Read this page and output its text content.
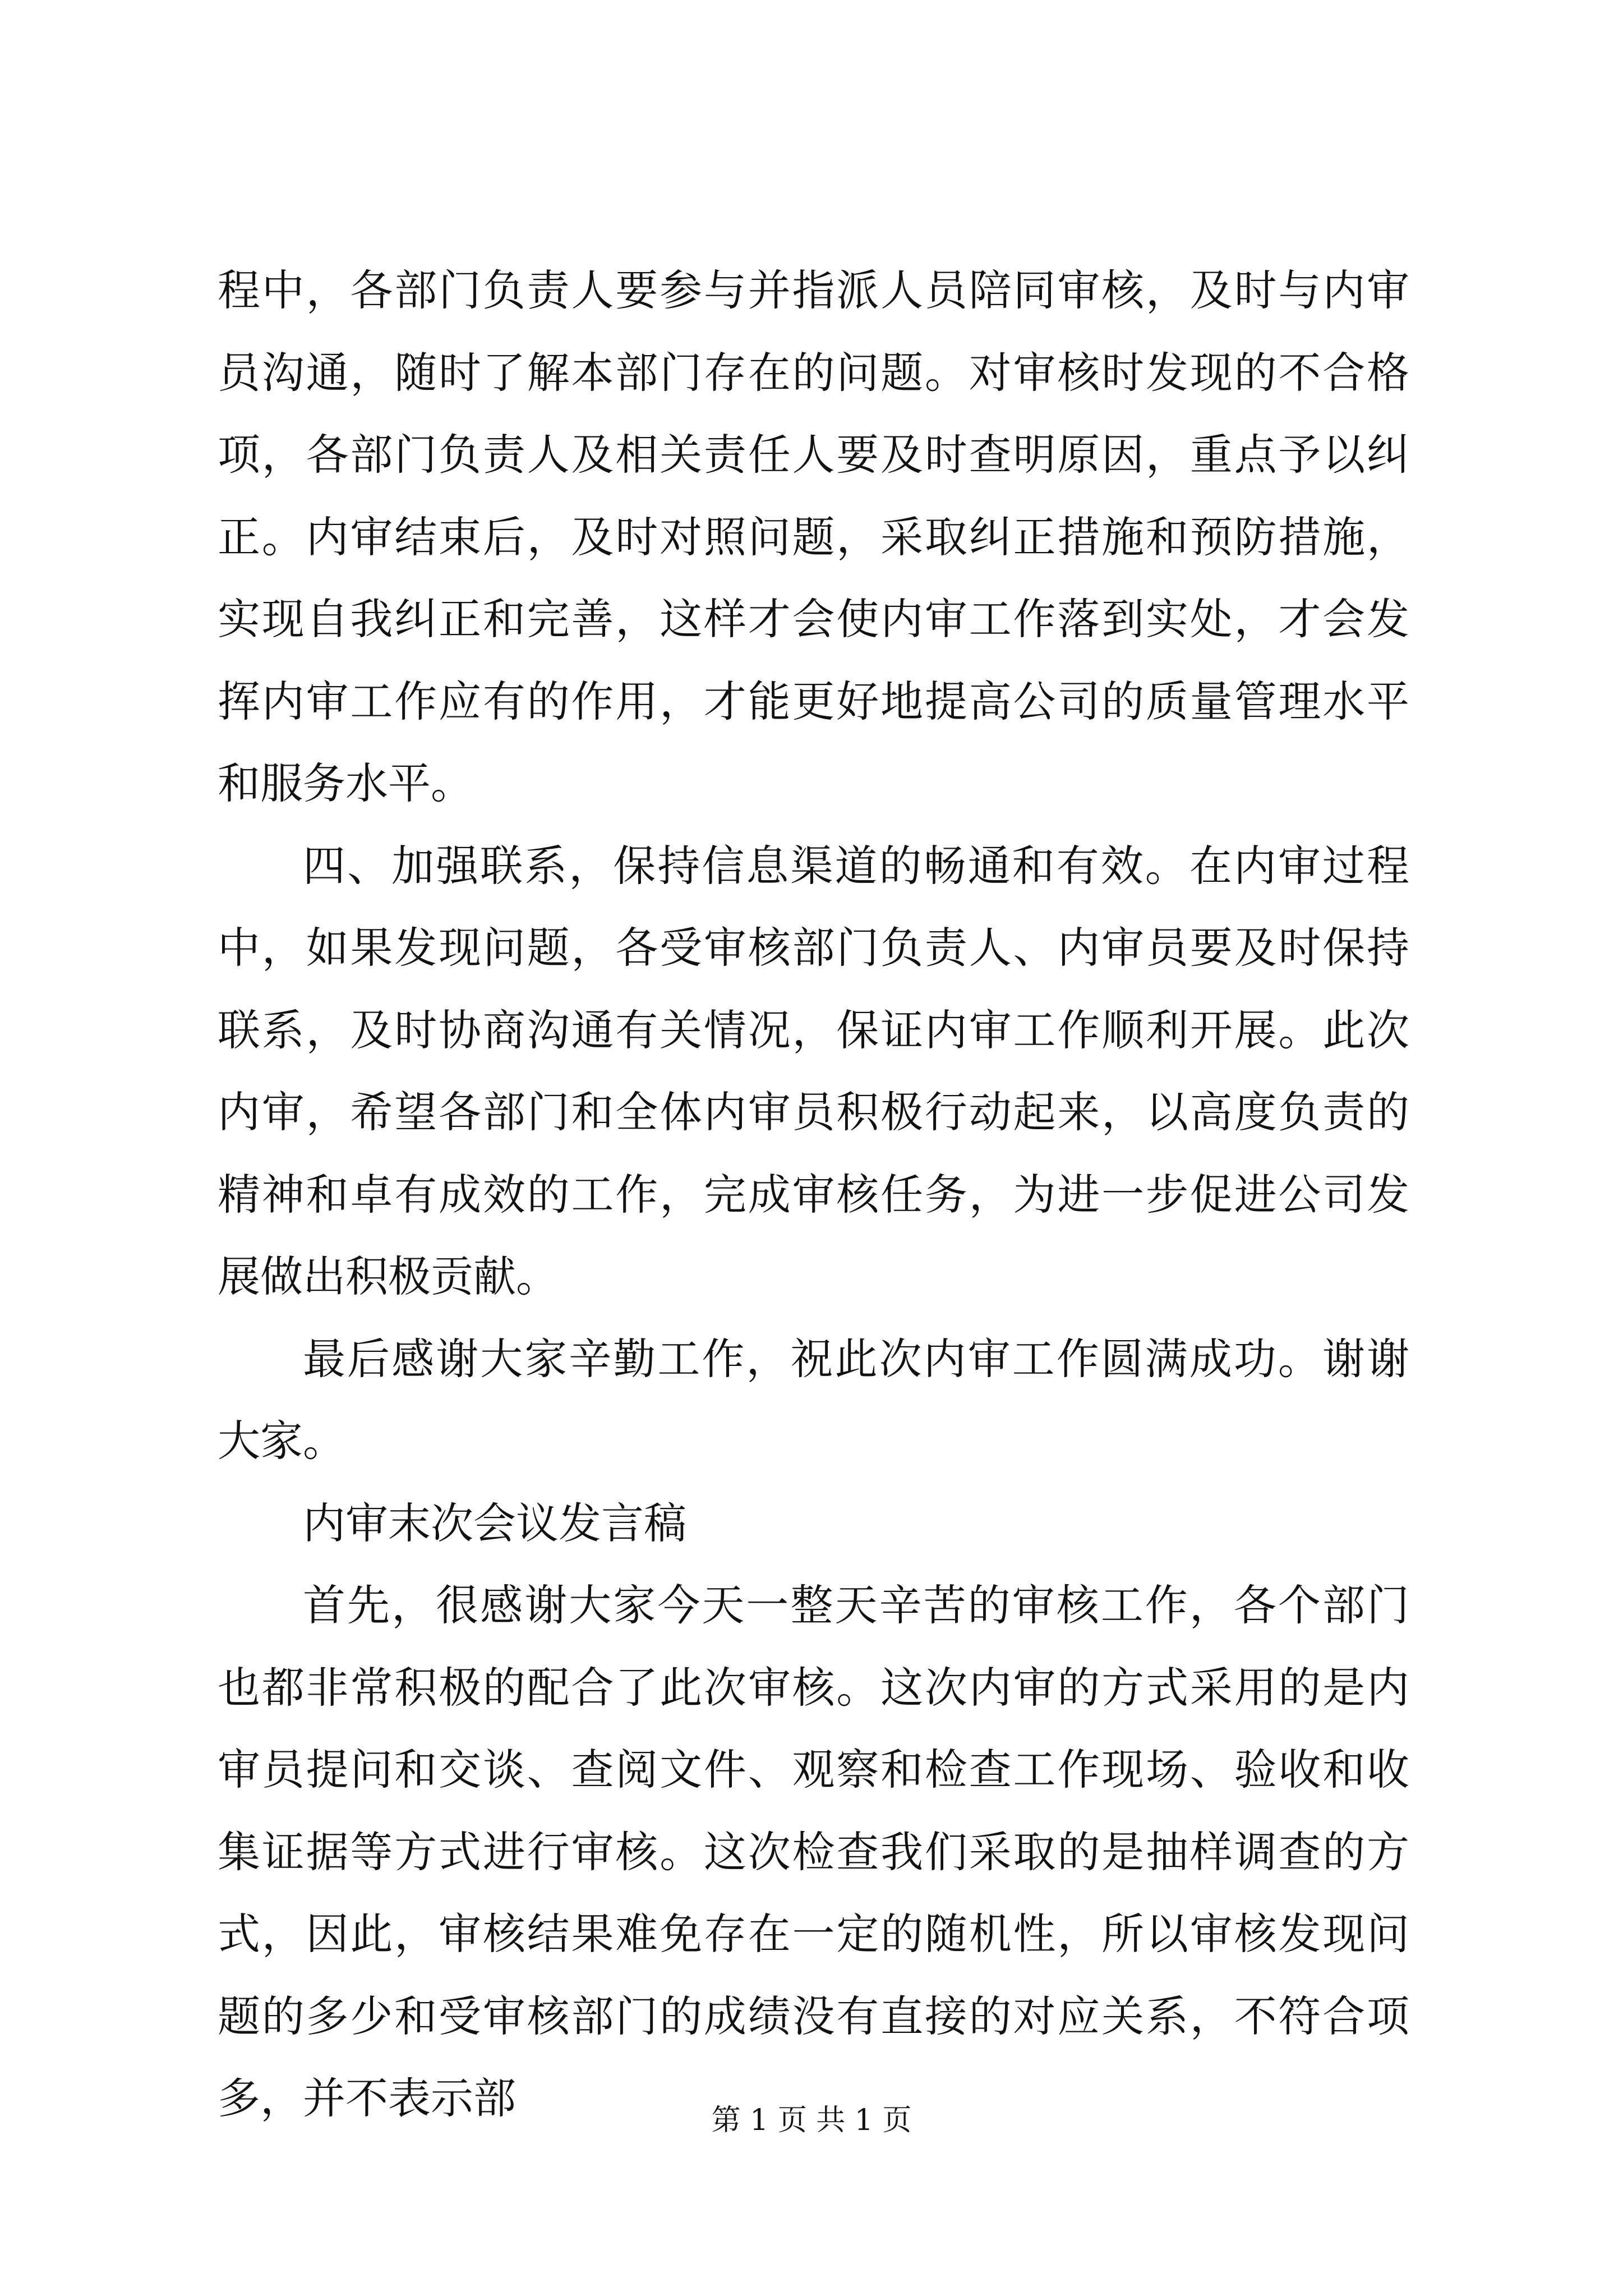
程中，各部门负责人要参与并指派人员陪同审核，及时与内审员沟通，随时了解本部门存在的问题。对审核时发现的不合格项，各部门负责人及相关责任人要及时查明原因，重点予以纠正。内审结束后，及时对照问题，采取纠正措施和预防措施，实现自我纠正和完善，这样才会使内审工作落到实处，才会发挥内审工作应有的作用，才能更好地提高公司的质量管理水平和服务水平。

四、加强联系，保持信息渠道的畅通和有效。在内审过程中，如果发现问题，各受审核部门负责人、内审员要及时保持联系，及时协商沟通有关情况，保证内审工作顺利开展。此次内审，希望各部门和全体内审员积极行动起来，以高度负责的精神和卓有成效的工作，完成审核任务，为进一步促进公司发展做出积极贡献。

最后感谢大家辛勤工作，祝此次内审工作圆满成功。谢谢大家。

内审末次会议发言稿

首先，很感谢大家今天一整天辛苦的审核工作，各个部门也都非常积极的配合了此次审核。这次内审的方式采用的是内审员提问和交谈、查阅文件、观察和检查工作现场、验收和收集证据等方式进行审核。这次检查我们采取的是抽样调查的方式，因此，审核结果难免存在一定的随机性，所以审核发现问题的多少和受审核部门的成绩没有直接的对应关系，不符合项多，并不表示部	第 1 页 共 1 页
